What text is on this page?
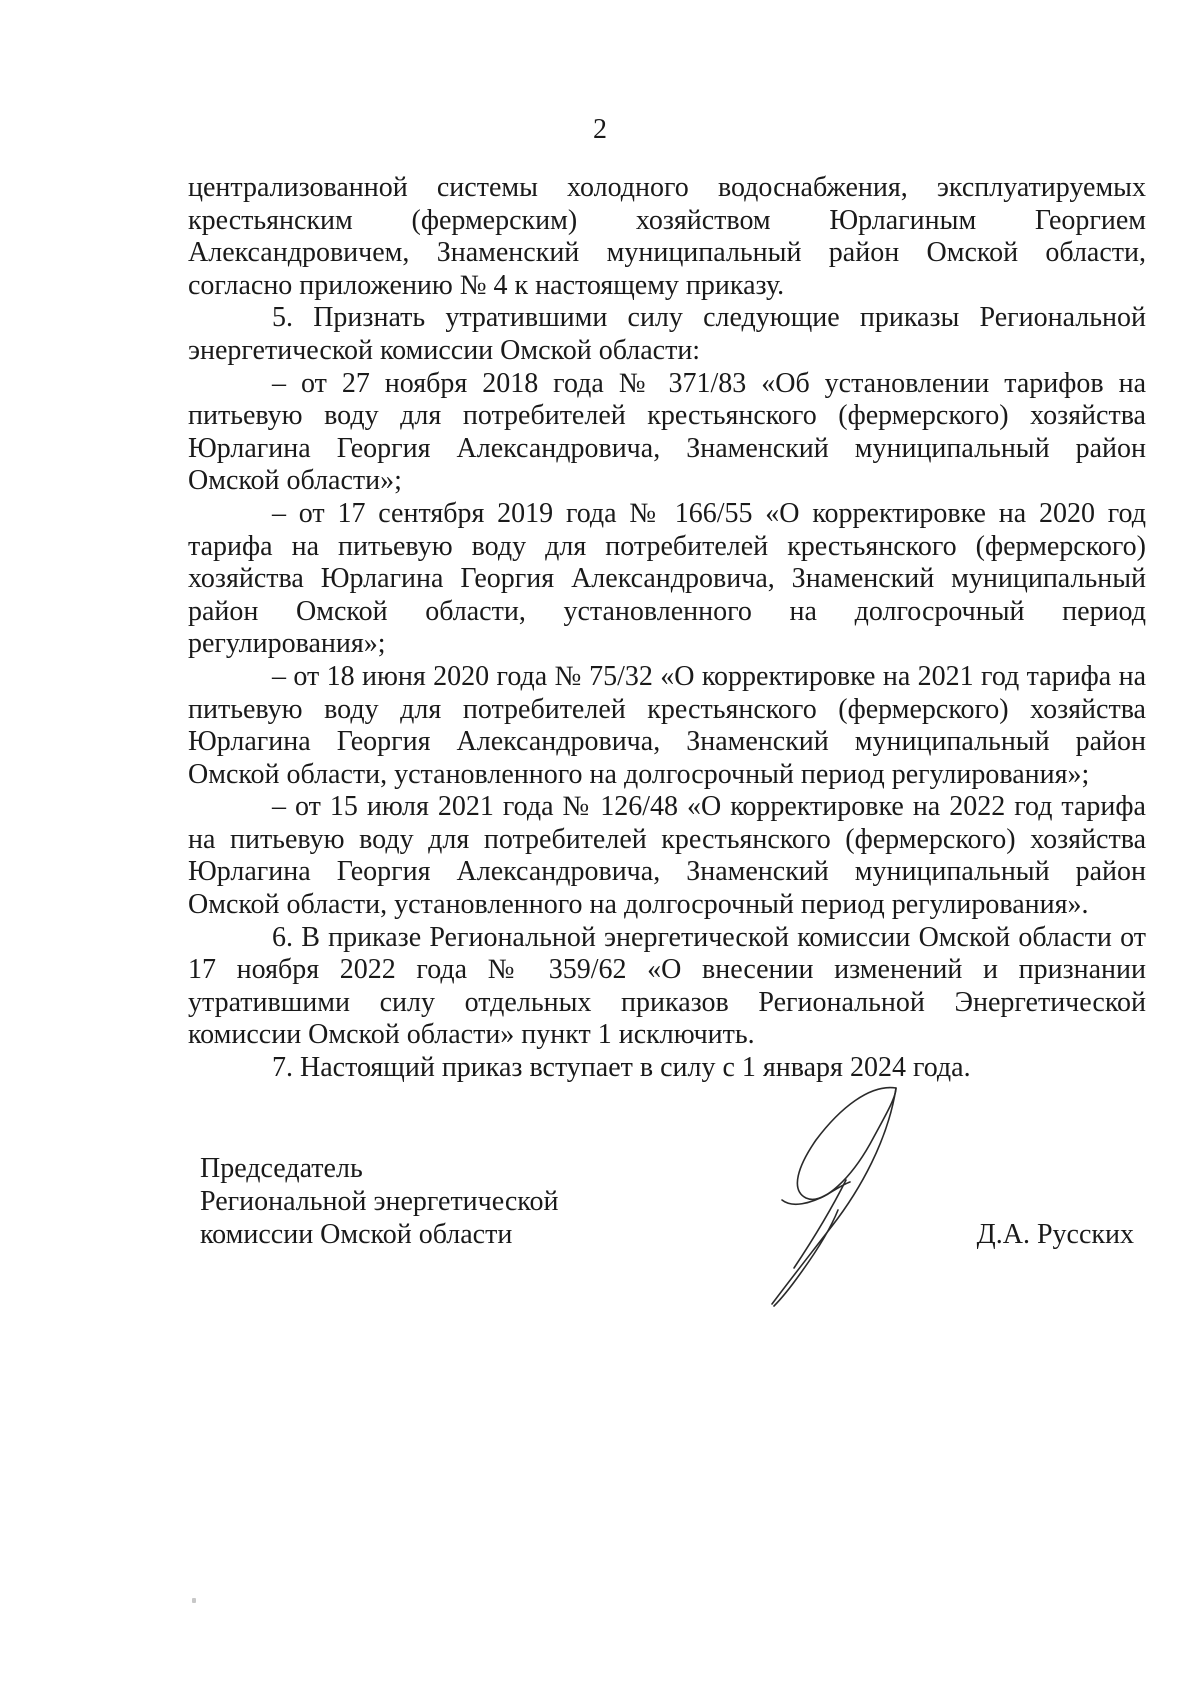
2

централизованной системы холодного водоснабжения, эксплуатируемых крестьянским (фермерским) хозяйством Юрлагиным Георгием Александровичем, Знаменский муниципальный район Омской области, согласно приложению № 4 к настоящему приказу.

5. Признать утратившими силу следующие приказы Региональной энергетической комиссии Омской области:

– от 27 ноября 2018 года № 371/83 «Об установлении тарифов на питьевую воду для потребителей крестьянского (фермерского) хозяйства Юрлагина Георгия Александровича, Знаменский муниципальный район Омской области»;

– от 17 сентября 2019 года № 166/55 «О корректировке на 2020 год тарифа на питьевую воду для потребителей крестьянского (фермерского) хозяйства Юрлагина Георгия Александровича, Знаменский муниципальный район Омской области, установленного на долгосрочный период регулирования»;

– от 18 июня 2020 года № 75/32 «О корректировке на 2021 год тарифа на питьевую воду для потребителей крестьянского (фермерского) хозяйства Юрлагина Георгия Александровича, Знаменский муниципальный район Омской области, установленного на долгосрочный период регулирования»;

– от 15 июля 2021 года № 126/48 «О корректировке на 2022 год тарифа на питьевую воду для потребителей крестьянского (фермерского) хозяйства Юрлагина Георгия Александровича, Знаменский муниципальный район Омской области, установленного на долгосрочный период регулирования».

6. В приказе Региональной энергетической комиссии Омской области от 17 ноября 2022 года № 359/62 «О внесении изменений и признании утратившими силу отдельных приказов Региональной Энергетической комиссии Омской области» пункт 1 исключить.

7. Настоящий приказ вступает в силу с 1 января 2024 года.

Председатель
Региональной энергетической
комиссии Омской области	Д.А. Русских
